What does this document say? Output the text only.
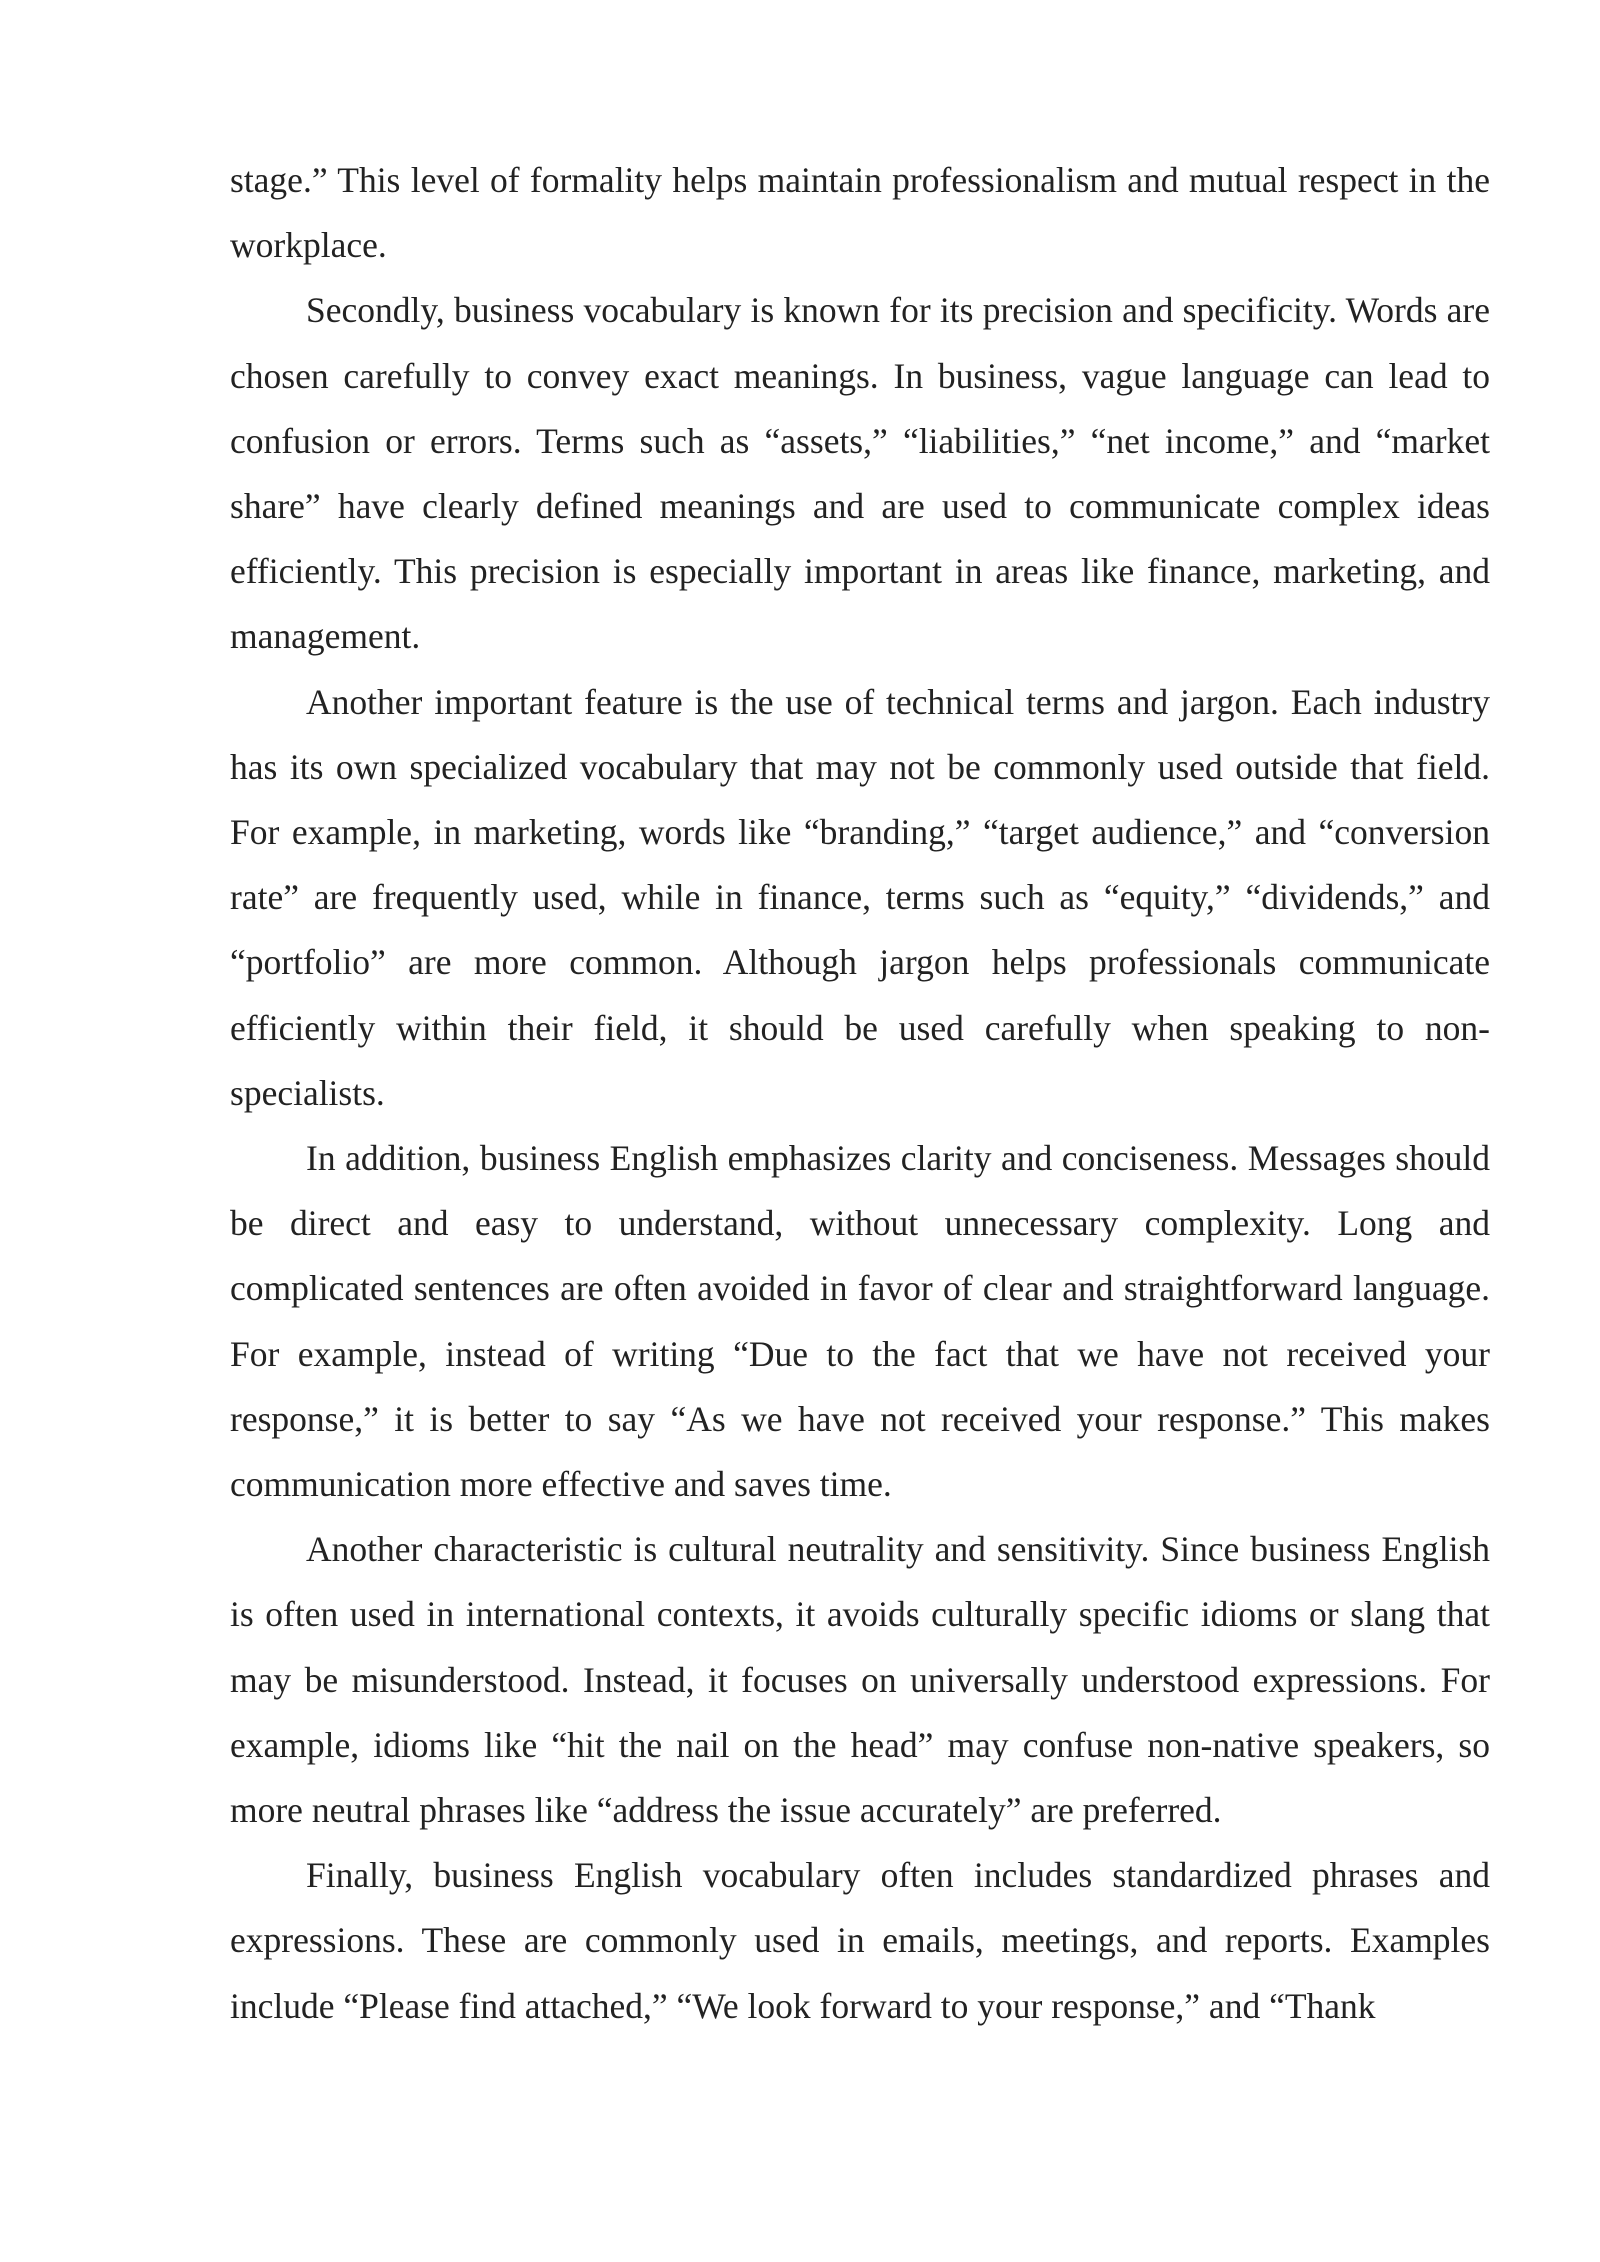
stage.” This level of formality helps maintain professionalism and mutual respect in the workplace.

Secondly, business vocabulary is known for its precision and specificity. Words are chosen carefully to convey exact meanings. In business, vague language can lead to confusion or errors. Terms such as “assets,” “liabilities,” “net income,” and “market share” have clearly defined meanings and are used to communicate complex ideas efficiently. This precision is especially important in areas like finance, marketing, and management.

Another important feature is the use of technical terms and jargon. Each industry has its own specialized vocabulary that may not be commonly used outside that field. For example, in marketing, words like “branding,” “target audience,” and “conversion rate” are frequently used, while in finance, terms such as “equity,” “dividends,” and “portfolio” are more common. Although jargon helps professionals communicate efficiently within their field, it should be used carefully when speaking to non-specialists.

In addition, business English emphasizes clarity and conciseness. Messages should be direct and easy to understand, without unnecessary complexity. Long and complicated sentences are often avoided in favor of clear and straightforward language. For example, instead of writing “Due to the fact that we have not received your response,” it is better to say “As we have not received your response.” This makes communication more effective and saves time.

Another characteristic is cultural neutrality and sensitivity. Since business English is often used in international contexts, it avoids culturally specific idioms or slang that may be misunderstood. Instead, it focuses on universally understood expressions. For example, idioms like “hit the nail on the head” may confuse non-native speakers, so more neutral phrases like “address the issue accurately” are preferred.

Finally, business English vocabulary often includes standardized phrases and expressions. These are commonly used in emails, meetings, and reports. Examples include “Please find attached,” “We look forward to your response,” and “Thank
